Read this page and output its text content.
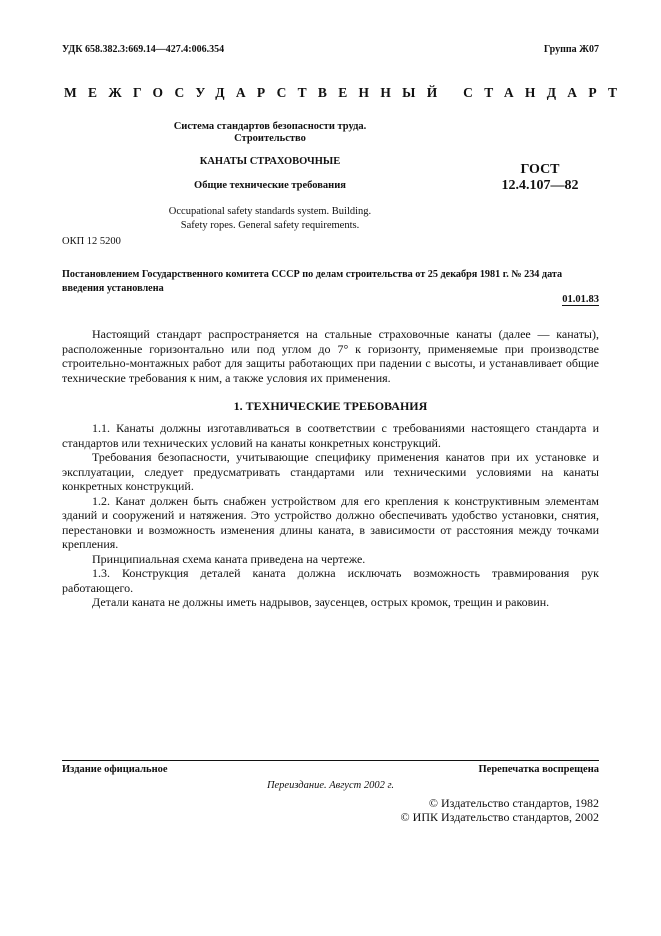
УДК 658.382.3:669.14—427.4:006.354	Группа Ж07
МЕЖГОСУДАРСТВЕННЫЙ СТАНДАРТ
Система стандартов безопасности труда.
Строительство
КАНАТЫ СТРАХОВОЧНЫЕ
Общие технические требования
Occupational safety standards system. Building.
Safety ropes. General safety requirements.
ГОСТ
12.4.107—82
ОКП 12 5200
Постановлением Государственного комитета СССР по делам строительства от 25 декабря 1981 г. № 234 дата введения установлена
01.01.83

Настоящий стандарт распространяется на стальные страховочные канаты (далее — канаты), расположенные горизонтально или под углом до 7° к горизонту, применяемые при производстве строительно-монтажных работ для защиты работающих при падении с высоты, и устанавливает общие технические требования к ним, а также условия их применения.

1. ТЕХНИЧЕСКИЕ ТРЕБОВАНИЯ

1.1. Канаты должны изготавливаться в соответствии с требованиями настоящего стандарта и стандартов или технических условий на канаты конкретных конструкций.

Требования безопасности, учитывающие специфику применения канатов при их установке и эксплуатации, следует предусматривать стандартами или техническими условиями на канаты конкретных конструкций.

1.2. Канат должен быть снабжен устройством для его крепления к конструктивным элементам зданий и сооружений и натяжения. Это устройство должно обеспечивать удобство установки, снятия, перестановки и возможность изменения длины каната, в зависимости от расстояния между точками крепления.

Принципиальная схема каната приведена на чертеже.

1.3. Конструкция деталей каната должна исключать возможность травмирования рук работающего.

Детали каната не должны иметь надрывов, заусенцев, острых кромок, трещин и раковин.

Издание официальное	Перепечатка воспрещена
Переиздание. Август 2002 г.
© Издательство стандартов, 1982
© ИПК Издательство стандартов, 2002
